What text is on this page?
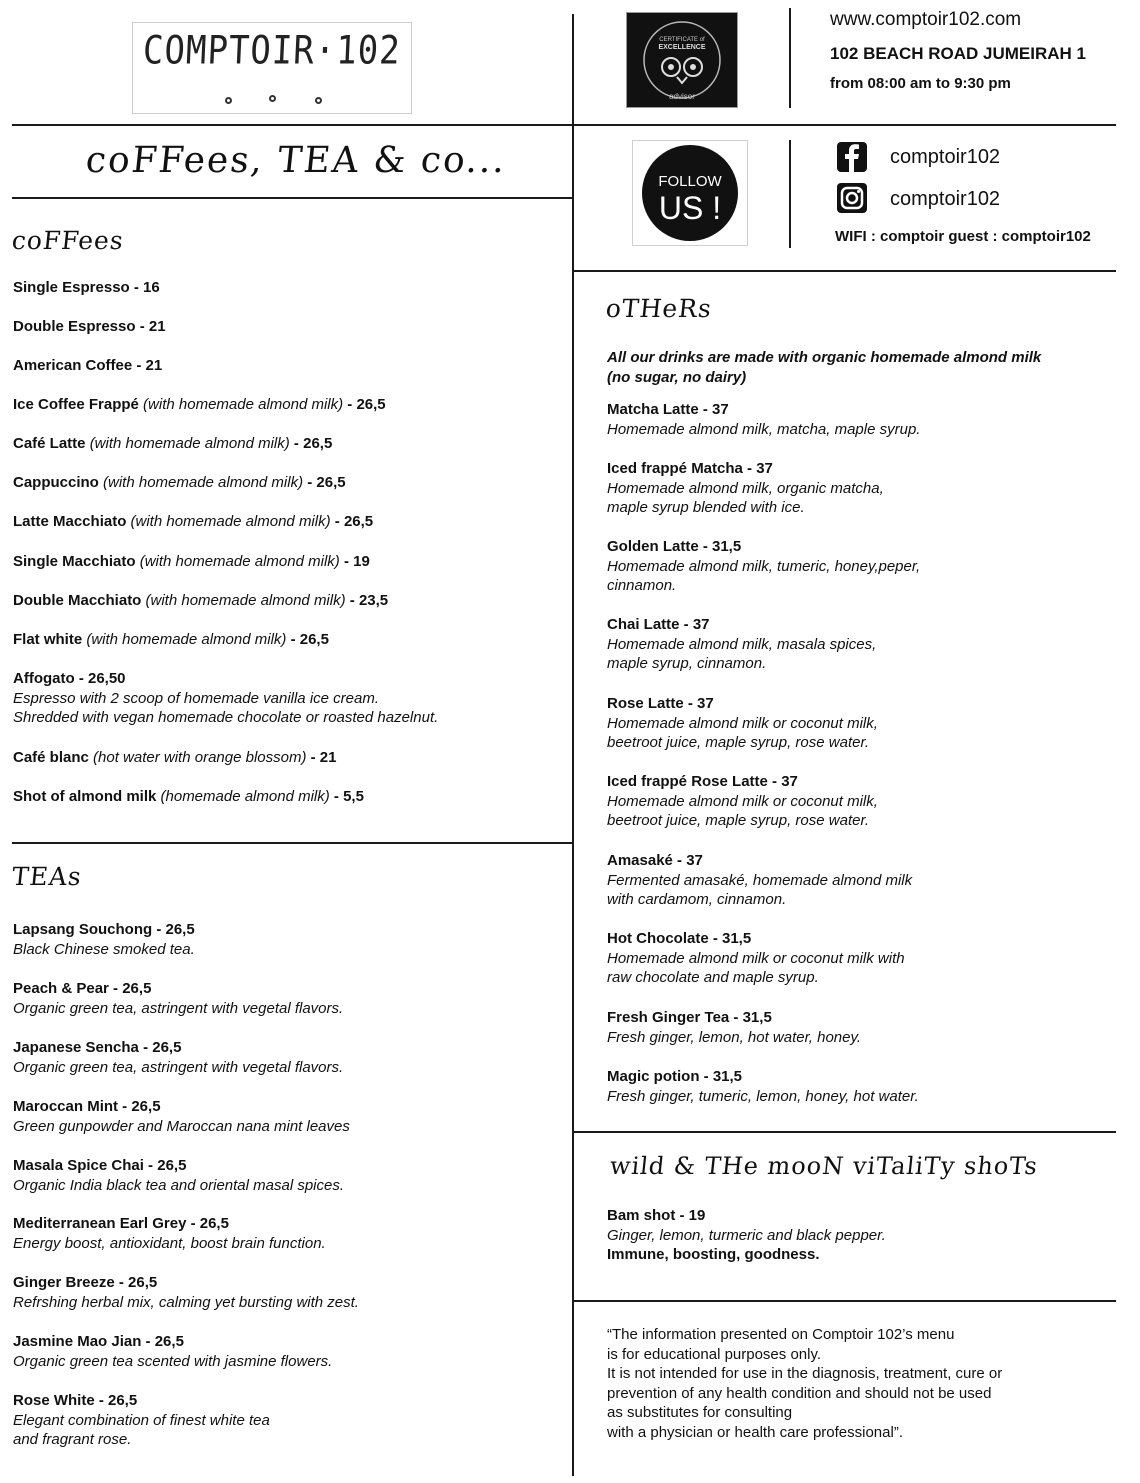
COMPTOIR·102	CERTIFICATE of
EXCELLENCE
advisor
www.comptoir102.com
102 BEACH ROAD JUMEIRAH 1
from 08:00 am to 9:30 pm
coFFees, TEA & co...
FOLLOW
US !
comptoir102
comptoir102
WIFI : comptoir guest : comptoir102
coFFees
Single Espresso - 16
Double Espresso - 21
American Coffee - 21
Ice Coffee Frappé (with homemade almond milk) - 26,5
Café Latte (with homemade almond milk) - 26,5
Cappuccino (with homemade almond milk) - 26,5
Latte Macchiato (with homemade almond milk) - 26,5
Single Macchiato (with homemade almond milk) - 19
Double Macchiato (with homemade almond milk) - 23,5
Flat white (with homemade almond milk) - 26,5
Affogato - 26,50
Espresso with 2 scoop of homemade vanilla ice cream.
Shredded with vegan homemade chocolate or roasted hazelnut.
Café blanc (hot water with orange blossom) - 21
Shot of almond milk (homemade almond milk) - 5,5
TEAs
Lapsang Souchong - 26,5
Black Chinese smoked tea.
Peach & Pear - 26,5
Organic green tea, astringent with vegetal flavors.
Japanese Sencha - 26,5
Organic green tea, astringent with vegetal flavors.
Maroccan Mint - 26,5
Green gunpowder and Maroccan nana mint leaves
Masala Spice Chai - 26,5
Organic India black tea and oriental masal spices.
Mediterranean Earl Grey - 26,5
Energy boost, antioxidant, boost brain function.
Ginger Breeze - 26,5
Refrshing herbal mix, calming yet bursting with zest.
Jasmine Mao Jian - 26,5
Organic green tea scented with jasmine flowers.
Rose White - 26,5
Elegant combination of finest white tea
and fragrant rose.
oTHeRs
All our drinks are made with organic homemade almond milk
(no sugar, no dairy)
Matcha Latte - 37
Homemade almond milk, matcha, maple syrup.
Iced frappé Matcha - 37
Homemade almond milk, organic matcha,
maple syrup blended with ice.
Golden Latte - 31,5
Homemade almond milk, tumeric, honey,peper,
cinnamon.
Chai Latte - 37
Homemade almond milk, masala spices,
maple syrup, cinnamon.
Rose Latte - 37
Homemade almond milk or coconut milk,
beetroot juice, maple syrup, rose water.
Iced frappé Rose Latte - 37
Homemade almond milk or coconut milk,
beetroot juice, maple syrup, rose water.
Amasaké - 37
Fermented amasaké, homemade almond milk
with cardamom, cinnamon.
Hot Chocolate - 31,5
Homemade almond milk or coconut milk with
raw chocolate and maple syrup.
Fresh Ginger Tea - 31,5
Fresh ginger, lemon, hot water, honey.
Magic potion - 31,5
Fresh ginger, tumeric, lemon, honey, hot water.
wild & THe mooN viTaliTy shoTs
Bam shot - 19
Ginger, lemon, turmeric and black pepper.
Immune, boosting, goodness.
“The information presented on Comptoir 102’s menu
is for educational purposes only.
It is not intended for use in the diagnosis, treatment, cure or
prevention of any health condition and should not be used
as substitutes for consulting
with a physician or health care professional”.
